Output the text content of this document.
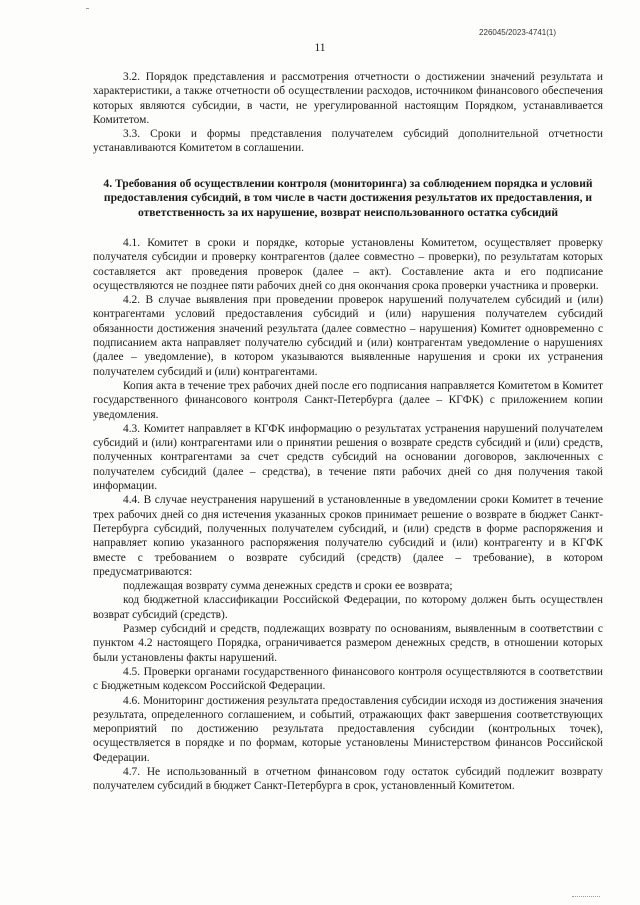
226045/2023-4741(1)
11

3.2. Порядок представления и рассмотрения отчетности о достижении значений результата и характеристики, а также отчетности об осуществлении расходов, источником финансового обеспечения которых являются субсидии, в части, не урегулированной настоящим Порядком, устанавливается Комитетом.

3.3. Сроки и формы представления получателем субсидий дополнительной отчетности устанавливаются Комитетом в соглашении.

4. Требования об осуществлении контроля (мониторинга) за соблюдением порядка и условий предоставления субсидий, в том числе в части достижения результатов их предоставления, и ответственность за их нарушение, возврат неиспользованного остатка субсидий

4.1. Комитет в сроки и порядке, которые установлены Комитетом, осуществляет проверку получателя субсидии и проверку контрагентов (далее совместно – проверки), по результатам которых составляется акт проведения проверок (далее – акт). Составление акта и его подписание осуществляются не позднее пяти рабочих дней со дня окончания срока проверки участника и проверки.

4.2. В случае выявления при проведении проверок нарушений получателем субсидий и (или) контрагентами условий предоставления субсидий и (или) нарушения получателем субсидий обязанности достижения значений результата (далее совместно – нарушения) Комитет одновременно с подписанием акта направляет получателю субсидий и (или) контрагентам уведомление о нарушениях (далее – уведомление), в котором указываются выявленные нарушения и сроки их устранения получателем субсидий и (или) контрагентами.

Копия акта в течение трех рабочих дней после его подписания направляется Комитетом в Комитет государственного финансового контроля Санкт-Петербурга (далее – КГФК) с приложением копии уведомления.

4.3. Комитет направляет в КГФК информацию о результатах устранения нарушений получателем субсидий и (или) контрагентами или о принятии решения о возврате средств субсидий и (или) средств, полученных контрагентами за счет средств субсидий на основании договоров, заключенных с получателем субсидий (далее – средства), в течение пяти рабочих дней со дня получения такой информации.

4.4. В случае неустранения нарушений в установленные в уведомлении сроки Комитет в течение трех рабочих дней со дня истечения указанных сроков принимает решение о возврате в бюджет Санкт-Петербурга субсидий, полученных получателем субсидий, и (или) средств в форме распоряжения и направляет копию указанного распоряжения получателю субсидий и (или) контрагенту и в КГФК вместе с требованием о возврате субсидий (средств) (далее – требование), в котором предусматриваются:

подлежащая возврату сумма денежных средств и сроки ее возврата;

код бюджетной классификации Российской Федерации, по которому должен быть осуществлен возврат субсидий (средств).

Размер субсидий и средств, подлежащих возврату по основаниям, выявленным в соответствии с пунктом 4.2 настоящего Порядка, ограничивается размером денежных средств, в отношении которых были установлены факты нарушений.

4.5. Проверки органами государственного финансового контроля осуществляются в соответствии с Бюджетным кодексом Российской Федерации.

4.6. Мониторинг достижения результата предоставления субсидии исходя из достижения значения результата, определенного соглашением, и событий, отражающих факт завершения соответствующих мероприятий по достижению результата предоставления субсидии (контрольных точек), осуществляется в порядке и по формам, которые установлены Министерством финансов Российской Федерации.

4.7. Не использованный в отчетном финансовом году остаток субсидий подлежит возврату получателем субсидий в бюджет Санкт-Петербурга в срок, установленный Комитетом.
